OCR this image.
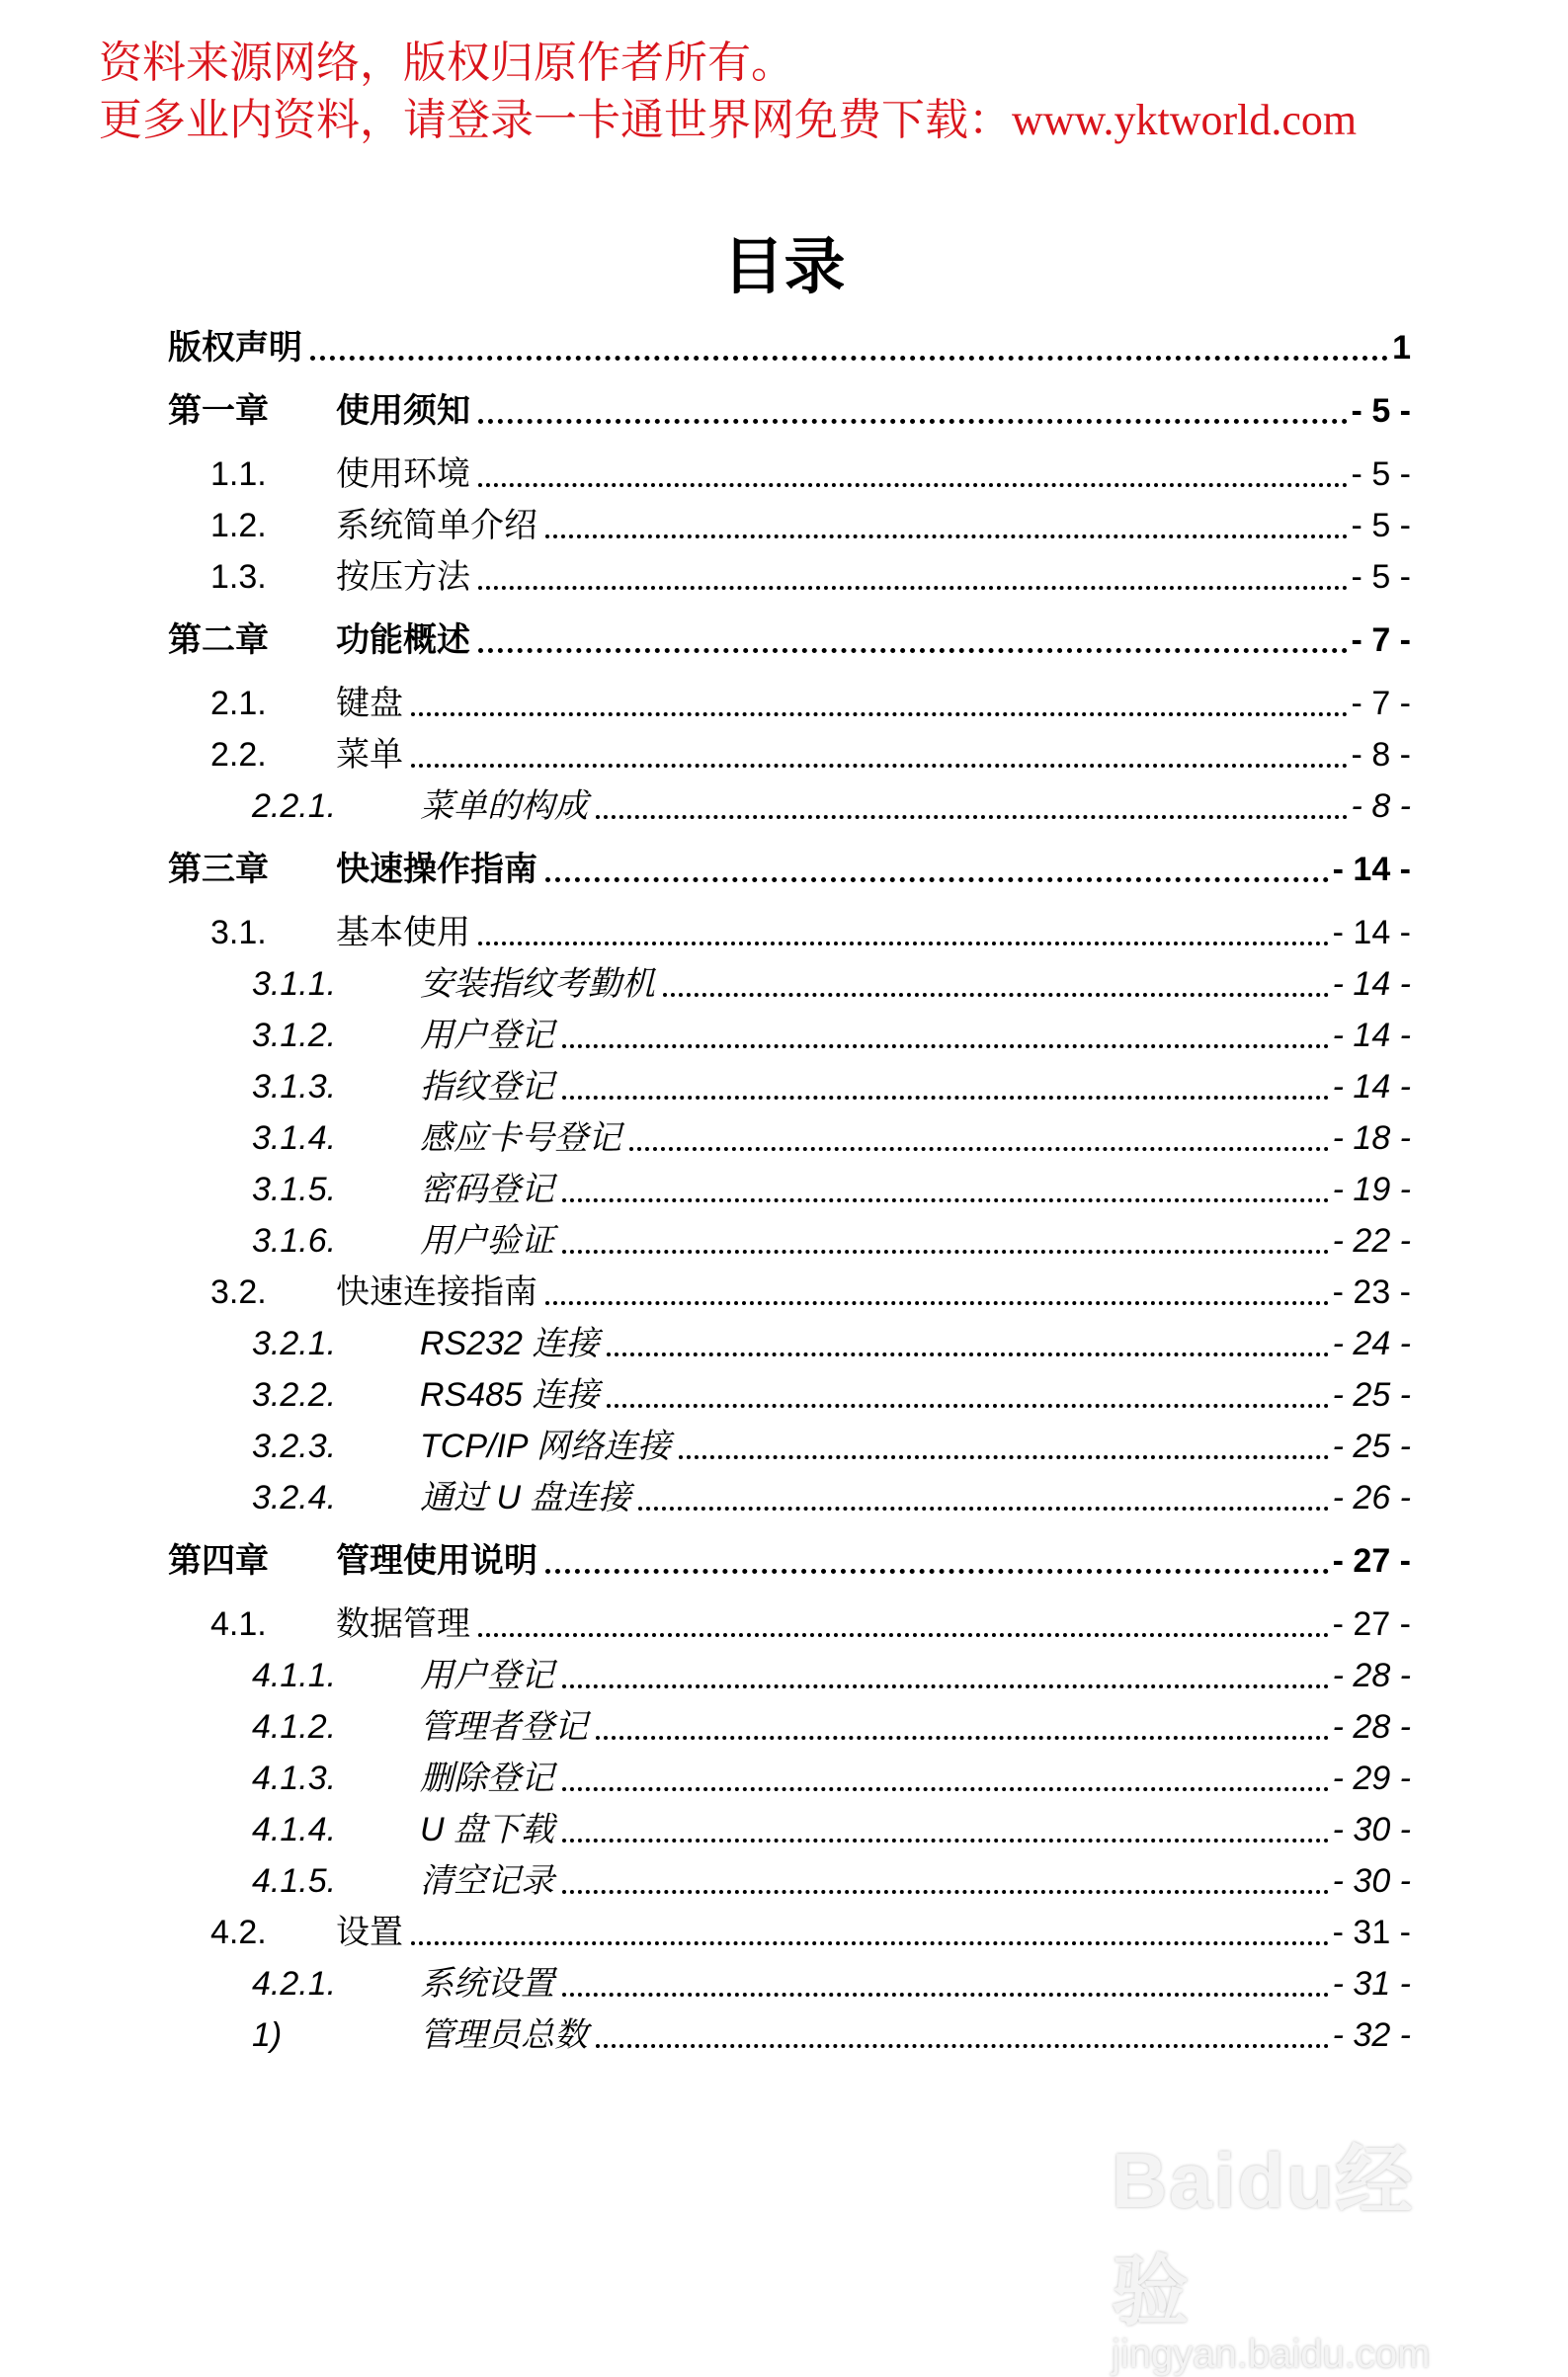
资料来源网络，版权归原作者所有。
更多业内资料，请登录一卡通世界网免费下载：www.yktworld.com
目录
版权声明	1
第一章	使用须知	- 5 -
1.1.	使用环境	- 5 -
1.2.	系统简单介绍	- 5 -
1.3.	按压方法	- 5 -
第二章	功能概述	- 7 -
2.1.	键盘	- 7 -
2.2.	菜单	- 8 -
2.2.1.	菜单的构成	- 8 -
第三章	快速操作指南	- 14 -
3.1.	基本使用	- 14 -
3.1.1.	安装指纹考勤机	- 14 -
3.1.2.	用户登记	- 14 -
3.1.3.	指纹登记	- 14 -
3.1.4.	感应卡号登记	- 18 -
3.1.5.	密码登记	- 19 -
3.1.6.	用户验证	- 22 -
3.2.	快速连接指南	- 23 -
3.2.1.	RS232 连接	- 24 -
3.2.2.	RS485 连接	- 25 -
3.2.3.	TCP/IP 网络连接	- 25 -
3.2.4.	通过 U 盘连接	- 26 -
第四章	管理使用说明	- 27 -
4.1.	数据管理	- 27 -
4.1.1.	用户登记	- 28 -
4.1.2.	管理者登记	- 28 -
4.1.3.	删除登记	- 29 -
4.1.4.	U 盘下载	- 30 -
4.1.5.	清空记录	- 30 -
4.2.	设置	- 31 -
4.2.1.	系统设置	- 31 -
1)	管理员总数	- 32 -
Baidu经验
jingyan.baidu.com
